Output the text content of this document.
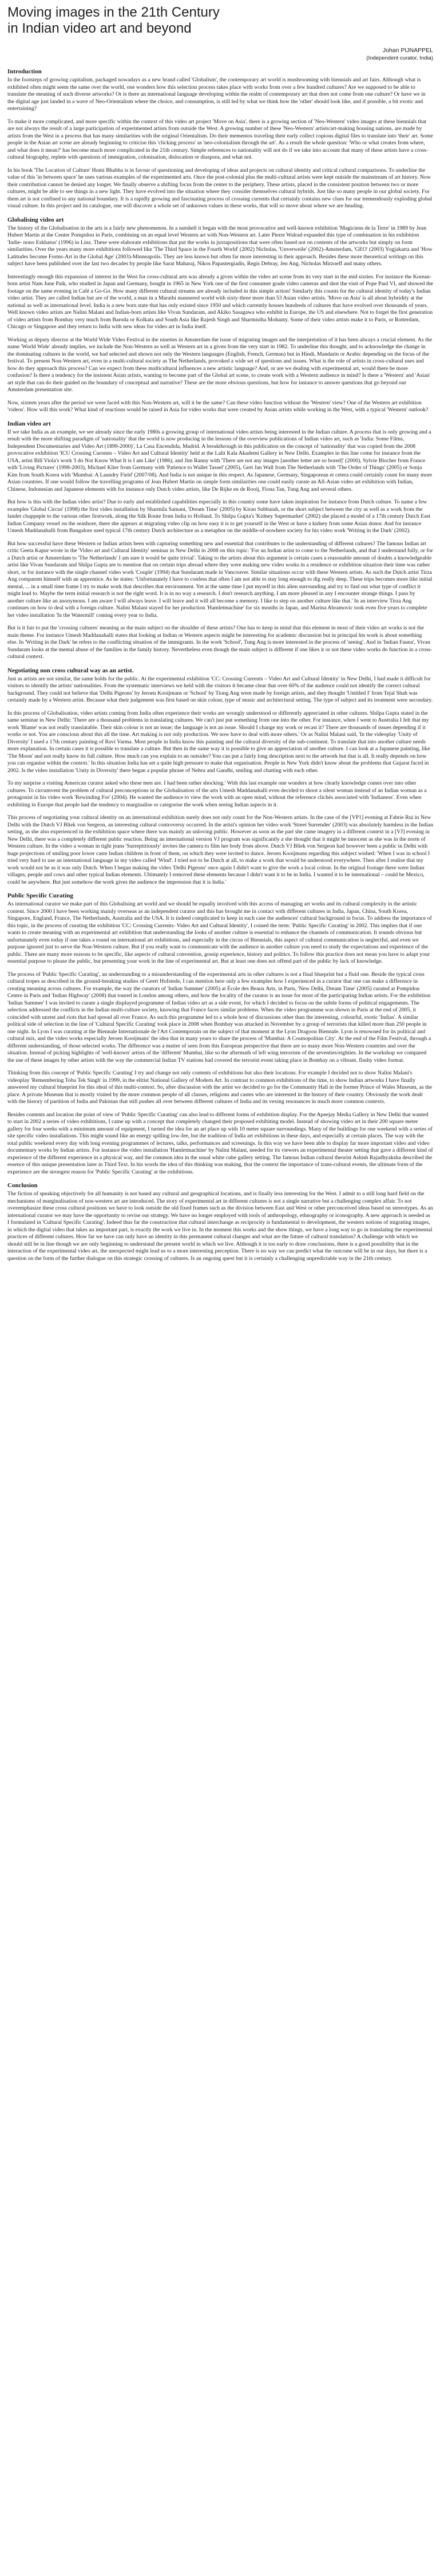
Moving images in the 21th Century
in Indian video art and beyond
Johan PIJNAPPEL
(Independent curator, India)
Introduction

In the footsteps of growing capitalism, packaged nowadays as a new brand called 'Globalism', the contemporary art world is mushrooming with biennials and art fairs. Although what is exhibited often might seem the same over the world, one wonders how this selection process takes place with works from over a few hundred cultures? Are we supposed to be able to translate the meaning of such diverse artworks? Or is there an international language developing within the realm of contemporary art that does not come from one culture? Or have we in the digital age just landed in a wave of Neo-Orientalism where the choice, and consumption, is still led by what we think how the 'other' should look like, and if possible, a bit exotic and entertaining?

To make it more complicated, and more specific within the context of this video art project 'Move on Asia', there is a growing section of 'Neo-Western' video images at these biennials that are not always the result of a large participation of experimented artists from outside the West. A growing number of these 'Neo-Western' artists/art-making housing nations, are made by artists from the West in a process that has many similarities with the original Orientalism. Do their mementos traveling their early collect copious digital files to translate into 'their' art. Some people in the Asian art scene are already beginning to criticise this 'clicking process' as 'neo-colonialism through the art'. As a result the whole question: 'Who or what creates from where, and what does it mean?' has become much more complicated in the 21th century. Simple references to nationality will not do if we take into account that many of these artists have a cross-cultural biography, replete with questions of immigration, colonisation, dislocation or diaspora, and what not.

In his book 'The Location of Culture' Homi Bhabha is in favour of questioning and developing of ideas and projects on cultural identity and critical cultural comparisons. To underline the value of this 'in between space' he uses various examples of the experimented arts. Once the post-colonial plus the multi-cultural artists were kept outside the mainstream of art history. Now their contribution cannot be denied any longer. We finally observe a shifting focus from the center to the periphery. These artists, placed in the consistent position between two or more cultures, might be able to see things in a new light. They have evolved into the situation where they consider themselves cultural hybrids. Just like so many people in our global society. For them art is not confined to any national boundary. It is a rapidly growing and fascinating process of crossing currents that certainly contains new clues for our tremendously exploding global visual culture. In this project and its catalogue, one will discover a whole set of unknown values in these works, that will so move about where we are heading.

Globalising video art

The history of the Globalisation in the arts is a fairly new phenomenon. In a nutshell it began with the most provocative and well-known exhibition 'Magiciens de la Terre' in 1989 by Jean Hubert Martin at the Center Pompidou in Paris, combining on an equal level Western art with Non-Western art. Later Pierre Walrad expanded this type of combination in his exhibition 'Indie- nono Eskhatus' (1996) in Linz. These were elaborate exhibitions that put the works in juxtapositions that were often based not on contents of the artworks but simply on form similarities. Over the years many more exhibitions followed like 'The Third Space in the Fourth World' (2002) Nicholas, 'Unverweile' (2002)-Amsterdam, 'GEO' (2003) Yogjakarta and 'How Latitudes become Forms-Art in the Global Age' (2003)-Minneapolis. They are less known but often far more interesting in their approach. Besides these more theoretical writings on this subject have been published over the last two decades by people like Sarat Maharaj, Nikos Papastergiadis, Regis Debray, Jen Ang, Nicholas Mirzoeff and many others.

Interestingly enough this expansion of interest in the West for cross-cultural arts was already a given within the video art scene from its very start in the mid sixties. For instance the Korean-born artist Nam June Paik, who studied in Japan and Germany, bought in 1965 in New York one of the first consumer grade video cameras and shot the visit of Pope Paul VI, and showed the footage on the same evening in Café a Go-Go. How many different cultural streams are already included in this simple action! Similarly this counts for the cultural identity of today's Indian video artist. They are called Indian but are of the world, a man in a Marathi mannered world with sixty-three more than 53 Asian video artists. 'Move on Asia' is all about hybridity at the national as well as international level. India is a new born state that has only existed since 1950 and which currently houses hundreds of cultures that have evolved over thousands of years. Well known video artists are Nalini Malani and Indian-born artists like Vivan Sundaram, and Akiko Sasagawa who exhibit in Europe, the US and elsewhere. Not to forget the first generation of video artists from Bombay very much from Baroda or Kolkata and South Asia like Rajesh Singh and Sharmistha Mohanty. Some of their video artists make it to Paris, or Rotterdam, Chicago or Singapore and they return to India with new ideas for video art in India itself.

Working as deputy director at the World Wide Video Festival in the nineties in Amsterdam the issue of migrating images and the interpretation of it has been always a crucial element. As the name 'World Wide' already implies, we include the Non-Western as well as Western art in a given from the very start in 1982. To underline this thought, and to acknowledge the change in the dominating cultures in the world, we had selected and shown not only the Western languages (English, French, German) but in Hindi, Mandarin or Arabic depending on the focus of the festival. To present Non-Western art, even in a multi-cultural society as The Netherlands, provoked a wide set of questions and issues. What is the role of artists in cross-cultural uses and how do they approach this process? Can we expect from these multicultural influences a new artistic language? And, or are we dealing with experimental art, would there be more confusion? Is there a tendency for the insistent Asian artists, wanting to become part of the Global art scene, to create work with a Western audience in mind? Is there a 'Western' and 'Asian' art style that can do their guided on the boundary of conceptual and narrative? These are the more obvious questions, but how for instance to answer questions that go beyond our Amsterdam presentation site.

Now, sixteen years after the period we were faced with this Non-Western art, will it be the same? Can these video function without the 'Western' view? One of the Western art exhibition 'videos'. How will this work? What kind of reactions would be raised in Asia for video works that were created by Asian artists while working in the West, with a typical 'Western' outlook?

Indian video art

If we take India as an example, we see already since the early 1980s a growing group of international video artists being interested in the Indian culture. A process that is only growing and a result with the more shifting paradigm of 'nationality' that the world is now producing in the lessons of the overview publications of Indian video art, such as 'India: Some Films, Independent Documentaries and Video Art (1899-2000)', La Casa Encendida, Madrid. A breakthrough in this publication on the concept of 'nationality' that was copied from the 2008 provocative exhibition 'ICU Crossing Currents – Video Art and Cultural Identity' held at the Lalit Kala Akademi Gallery in New Delhi. Examples in this line come for instance from the USA, artist Bill Viola's work 'I do Not Know What It is I am Like' (1986), and Jim Ranny with 'There are not any images [another letter are so bored]' (2000), Sylvie Blocher from France with 'Living Pictures' (1998-2003), Michael Klier from Germany with 'Patience to Wallet Tassel' (2005), Gert Jan Wall from The Netherlands with 'The Order of Things' (2005) or Sonja Kim from South Korea with 'Mumbai: A Laundry Field' (2007/08). And India is not unique in this respect. As Japanese, Germany, Singaporean et cetera could certainly count for many more Asian countries. If one would follow the travelling programs of Jean Hubert Martin on simple form similarities one could easily curate an All-Asian video art exhibition with Indian, Chinese, Indonesian and Japanese elements with for instance only Dutch video artists, like De Rijke en de Rooij, Fiona Tan, Tung Ang and several others.

But how is this with the Indian video artist? Due to early and established capabilities especially in this country some have taken inspiration for instance from Dutch culture. To name a few examples 'Global Circus' (1998) the first video installation by Sharmila Samant, 'Dream Time' (2005) by Kiran Subbaiah, or the short subject between the city as well as a work from the lander chappeple to the various other firstwork, along the Silk Route from India to Holland. To Shilpa Gupta's 'Kidney Supermarket' (2002) she placed a model of a 17th century Dutch East Indian Company vessel on the seashore, there she appears at migrating video clip on how easy it is to get yourself in the West or have a kidney from some Asian donor. And for instance Umesh Maddanahalli from Bangalore used typical 17th century Dutch architecture as a metaphor on the middle-of-nowhere society for his video work 'Writing in the Dark' (2002).

But how successful have these Western or Indian artists been with capturing something new and essential that contributes to the understanding of different cultures? The famous Indian art critic Geeta Kapur wrote in the 'Video art and Cultural Identity' seminar in New Delhi in 2008 on this topic: 'For an Indian artist to come to the Netherlands, and that I understand fully, or for a Dutch artist or Amsterdam to 'The Netherlands' I am sure it would be quite trivial'. Taking to the artists about this argument is certain cases a reasonable amount of doubts a knowledgeable artist like Vivan Sundaram and Shilpa Gupta are to mention that on certain trips abroad where they were making new video works in a residence or exhibition situation their time was rather short, or for instance with the single channel video work 'Couple' (1994) that Sundaram made in Vancouver. Similar situations occur with these Western artists. As such the Dutch artist Tirza Ang comparem himself with an apprentice. As he states: 'Unfortunately I have to confess that often I am not able to stay long enough to dig really deep. These trips becomes more like initial mental, ... in a small time frame I try to make work that describes that environment. Yet at the same time I put myself in this alien surrounding and try to find out what type of conflict it might lead to. Maybe the term initial research is not the right word. It is in no way a research. I don't research anything. I am more pleased in any I encounter strange things. I pass by another culture like an anonymous. I am aware I will always leave. I will leave and it will all become a memory. I like to step on another culture like that.' In an interview Tirza Ang continues on how to deal with a foreign culture. Nalini Malani stayed for her production 'Hamletmachine' for six months in Japan, and Marina Abramovic took even five years to complete her video installation 'In the Watermill' coming every year to India.

But is it fair to put the 'crossing cultures' meaning as the main subject on the shoulder of these artists? One has to keep in mind that this element in most of their video art works is not the main theme. For instance Umesh Maddanahalli states that looking at Indian or Western aspects might be interesting for academic discussion but in principal his work is about something else. In 'Writing in the Dark' he refers to the conflicting situation of the immigrants. In the work 'School', Tung Ang is more interested in the process of 'seeing'. And in 'Indian Fauna', Vivan Sundaram looks at the mental abuse of the families in the family history. Nevertheless even though the main subject is different if one likes it or not these video works do function in a cross-cultural context.

Negotiating non cross cultural way as an artist.

Just as artists are not similar, the same holds for the public. At the experimental exhibition 'CC: Crossing Currents – Video Art and Cultural Identity' in New Delhi, I had made it difficult for visitors to identify the artists' nationalities. From the systematic interviews we held with the visitors it became clear that over 60% of the audience could not identify the correct cultural background. They could not believe that 'Delhi Pigeons' by Jeroen Kooijmans or 'School' by Tiong Ang were made by foreign artists, and they thought 'Untitled I' from Tejal Shah was certainly made by a Western artist. Because what their judgement was first based on skin colour, type of music and architectural setting. The type of subject and its treatment were secondary.

In this process of Globalisation, video artists coming from India often experience their works are wrongly understood or differently appreciated in other cultures. Shilpa Gupta stated in the same seminar in New Delhi: 'There are a thousand problems in translating cultures. We can't just put something from one into the other. For instance, when I went to Australia I felt that my work 'Blame' was not really translatable. Their skin colour is not an issue; the language is not an issue. Should I change my work or recast it? There are thousands of issues depending if it works or not. You are conscious about this all the time. Art making is not only production. We now have to deal with more others.' Or as Nalini Malani said, 'In the videoplay 'Unity of Diversity' I used a 17th century painting of Ravi Varma. Most people in India know this painting and the cultural diversity of the sub-continent. To translate that into another culture needs more explanation. In certain cases it is possible to translate a culture. But then in the same way it is possible to give an appreciation of another culture. I can look at a Japanese painting, like 'The Moon' and not really know its full culture. How much can you explain to an outsider? You can put a fairly long description next to the artwork but that is all. It really depends on how you can organise within the context.' In this situation India has set a quite high pressure to make that organisation. People in New York didn't know about the problems that Gujarat faced in 2002. Is the video installation 'Unity in Diversity' there began a popular phrase of Nehru and Gandhi, smiling and chatting with each other.

To my surprise a visiting American curator asked who these men are. I had been rather shocking.' With this last example one wonders at how clearly knowledge comes over into other cultures. To circumvent the problem of cultural preconceptions in the Globalisation of the arts Umesh Maddanahalli even decided to shoot a silent woman instead of an Indian woman as a protagonist in his video work 'Rewinding For' (2004). He wanted the audience to view the work with an open mind, without the reference clichés associated with 'Indianess'. Even when exhibiting in Europe that people had the tendency to marginalise or categorise the work when seeing Indian aspects in it.

This process of negotiating your cultural identity on an international exhibition surely does not only count for the Non-Western artists. In the case of the [VP1] evening at Fabrie Rui in New Delhi with the Dutch VJ Bliek von Sergeon, an interesting cultural controversy occurred. In the artist's opinion her video work 'Street Surrender' (2003) was absolutely harmless in the Indian setting, as she also experienced in the exhibition space where there was mainly an unloving public. However as soon as the part she came imagery in a different context in a [VJ] evening in New Delhi, there was a completely different public reaction. Being an international version VJ program was significantly a she thought that it might be innocent as she was in the norm of Western culture. In the video a woman in tight jeans 'Surreptitiously' invites the camera to film her body from above. Dutch VJ Bliek von Sergeon had however been a public in Delhi with huge projections of smiling poor lower caste Indian children in front of them, on which they were invited to dance. Jeroen Kooijmans regarding this subject wished: 'When I was in school I tried very hard to use an international language in my video called 'Wind'. I tried not to be Dutch at all, to make a work that would be understood everywhere. Then after I realise that my work would not be as it was only Dutch. When I began making the video 'Delhi Pigeons' once again I didn't want to give the work a local colour. In the original footage there were Indian villages, people and cows and other typical Indian elements. Ultimately I removed these elements because I didn't want it to be in India. I wanted it to be international – could be Mexico, could be anywhere. But just somehow the work gives the audience the impression that it is India.'

Public Specific Curating

As international curator we make part of this Globalising art world and we should be equally involved with this access of managing art works and its cultural complexity in the artistic content. Since 2000 I have been working mainly overseas as an independent curator and this has brought me in contact with different cultures in India, Japan, China, South Korea, Singapore, England, France, The Netherlands, Australia and the USA. It is indeed complicated to keep in each case the audiences' cultural background in focus. To address the importance of this topic, in the process of curating the exhibition 'CC: Crossing Currents- Video Art and Cultural Identity', I coined the term: 'Public Specific Curating' in 2002. This implies that if one wants to create meaning with an experimental art exhibition that understanding the looks of another culture is essential to enhance the channels of communication. It sounds obvious but unfortunately even today if one takes a round on international art exhibitions, and especially in the circus of Biennials, this aspect of cultural communication is neglectful, and even we purpose ignored just to serve the Non-Western culture. But if you really want to communicate with the audience in another culture you need to study the expectations and experience of the public. There are many more reasons to be specific, like aspects of cultural convention, gossip experience, history and politics. To follow this practice does not mean you have to adapt your essential purpose to please the public, but presenting your work in the line of experimental art. But at least one does not offend part of the public by lack of knowledge.

The process of 'Public Specific Curating', an understanding or a misunderstanding of the experimental arts in other cultures is not a final blueprint but a fluid one. Beside the typical cross cultural tropes as described in the ground-breaking studies of Geert Hofstede, I can mention here only a few examples how I experienced in a curator that one can make a difference in creating meaning across cultures. For example, the way the curators of 'Indian Summer' (2005) at École des Beaux Arts, in Paris, 'New Delhi, Dream Time' (2005) curated at Pompidou Centre in Paris and 'Indian Highway' (2008) that toured in London among others, and how the locality of the curator is an issue for most of the participating Indian artists. For the exhibition 'Indian Summer' I was invited to curate a single displayed programme of Indian video art as a side event, for which I decided to focus on the subtle forms of political engagements. The selection addressed the conflicts in the Indian multi-culture society, knowing that France faces similar problems. When the video programme was shown in Paris at the end of 2005, it coincided with unrest and riots that had spread all over France. As such this programme led to a whole host of discussions other than the interesting, colourful, exotic 'Indias'. A similar political side of selection in the line of 'Cultural Specific Curating' took place in 2008 when Bombay was attacked in November by a group of terrorists that killed more than 250 people in one night. In Lyon I was curating at the Biennale Internationale de l'Art Contemporain on the subject of that moment at the Lyon Dragoon Biennale. Lyon is renowned for its political and cultural mix, and the video works especially Jeroen Kooijmans' the idea that in many years to share the process of 'Mumbai: A Cosmopolitan City'. At the end of the Film Festival, through a different understanding, of those selected works. The difference was a matter of seen from this European perspective that there are so many more Non-Western countries and over the situation. Instead of picking highlights of 'well-known' artists of the 'different' Mumbai, like so the aftermath of left wing terrorism of the seventies/eighties. In the workshop we compared the use of these images by other artists with the way the commercial Indian TV stations had covered the terrorist event taking place in Bombay on a vibrant, flashy video format.

Thinking from this concept of 'Public Specific Curating' I try and change not only contents of exhibitions but also their locations. For example I decided not to show Nalini Malani's videoplay 'Remembering Toba Tek Singh' in 1999, in the elitist National Gallery of Modern Art. In contrast to common exhibitions of the time, to show Indian artworks I have finally answered my cultural blueprint for this ideal of this multi-context. So, after discussion with the artist we decided to go for the Community Hall in the former Prince of Wales Museum, as the place. A private Museum that is mostly visited by the more common people of all classes, religions and castes who are interested in the history of their country. Obviously the work dealt with the history of partition of India and Pakistan that still pushes all over between different cultures of India and its vexing resonances in much more common contexts.

Besides contents and location the point of view of 'Public Specific Curating' can also lead to different forms of exhibition display. For the Apeejay Media Gallery in New Delhi that wanted to start in 2002 a series of video exhibitions, I came up with a concept that completely changed their proposed exhibiting model. Instead of showing video art in their 200 square meter gallery for four weeks with a minimum amount of equipment, I turned the idea for an art place up with 10 meter square surroundings. Many of the buildings for one weekend with a series of site specific video installations. This might sound like an energy spilling low-fee, but the tradition of India art exhibitions in these days, and especially at certain places. The way with the total public weekend every day with long evening programmes of lectures, talks, performances and screenings. In this way we have been able to display far more important video and video documentary works by Indian artists. For instance the video installation 'Hamletmachine' by Nalini Malani, needed for its viewers an experimental theater setting that gave a different kind of experience of the different experience in a physical way, and the common idea in the usual white cube gallery setting. The famous Indian cultural theorist Ashish Rajadhyaksha described the essence of this unique presentation later in Third Text. In his words the idea of this thinking was making, that the context the importance of trans-cultural events, the ultimate form of the experience are the strongest reason for 'Public Specific Curating' at the exhibitions.

Conclusion

The fiction of speaking objectively for all humanity is not based any cultural and geographical locations, and is finally less interesting for the West. I admit to a still long hard field on the mechanisms of marginalisation of non-western art are introduced. The story of experimental art in different cultures is not a single narrative but a challenging complex affair. To not overemphasize these cross cultural positions we have to look outside the old fixed frames such as the division between East and West or other preconceived ideas based on stereotypes. As an international curator we may have the opportunity to revise our strategy. We have no longer employed with tools of anthropology, ethnography or iconography. A new approach is needed as I formulated in 'Cultural Specific Curating'. Indeed thus far the construction that cultural interchange as reciprocity is fundamental to development, the western notions of migrating images, in which the digital video that takes an important part, is exactly the work we live in. In the moment this works and the show things, we have a long way to go in translating the experimental practices of different cultures. How far we have can only have an identity in this permanent cultural changes and what are the future of cultural translation? A challenge with which we should still be in line though we are only beginning to understand the present world in which we live. Although it is too early to draw conclusions, there is a good possibility that in the interaction of the experimental video art, the unexpected might lead us to a more interesting perception. There is no way we can predict what the outcome will be in our days, but there is a question on the form of the further dialogue on this strategic crossing of cultures. Is an ongoing quest but it is certainly a challenging unpredictable way in the 21th century.
